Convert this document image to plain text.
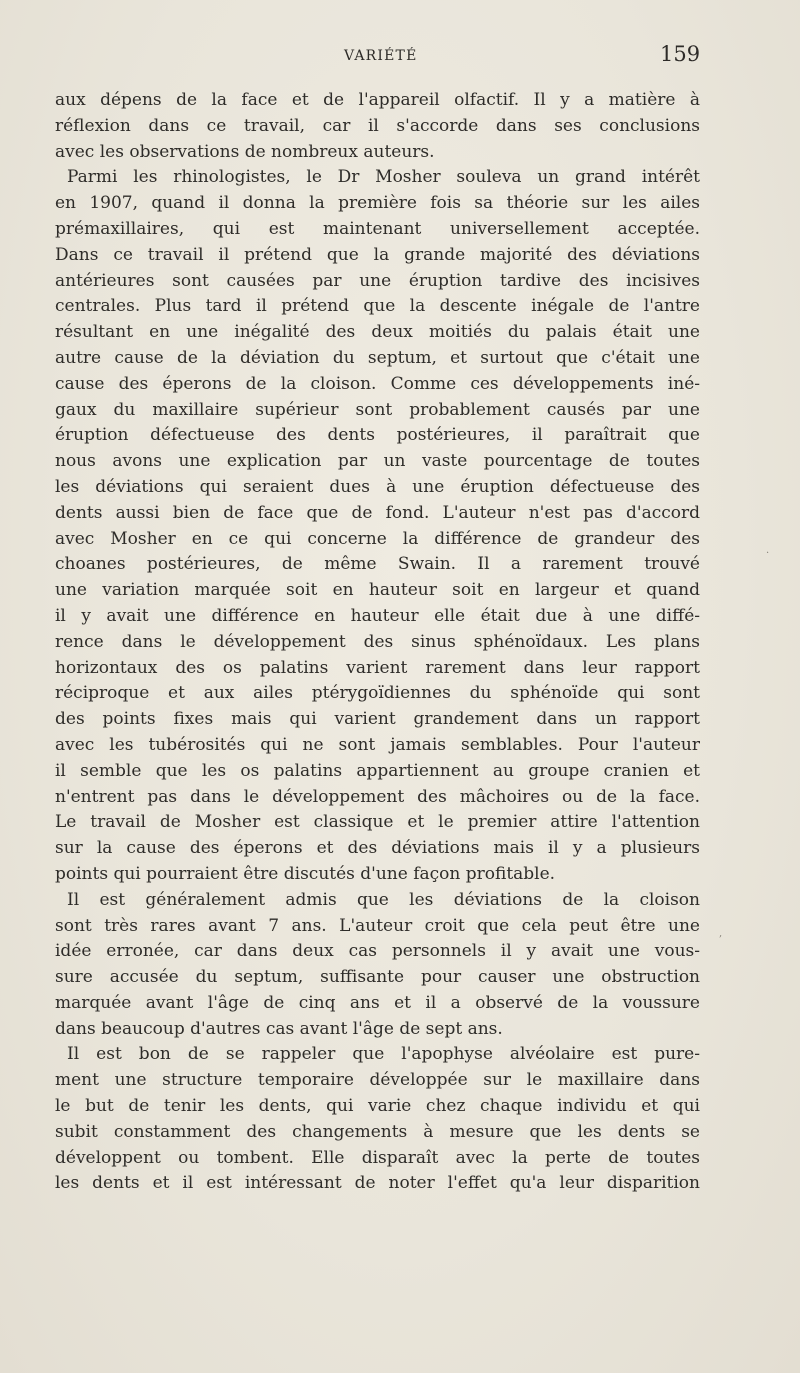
VARIÉTÉ	159
aux dépens de la face et de l'appareil olfactif. Il y a matière à
réflexion dans ce travail, car il s'accorde dans ses conclusions
avec les observations de nombreux auteurs.
Parmi les rhinologistes, le Dr Mosher souleva un grand intérêt
en 1907, quand il donna la première fois sa théorie sur les ailes
prémaxillaires, qui est maintenant universellement acceptée.
Dans ce travail il prétend que la grande majorité des déviations
antérieures sont causées par une éruption tardive des incisives
centrales. Plus tard il prétend que la descente inégale de l'antre
résultant en une inégalité des deux moitiés du palais était une
autre cause de la déviation du septum, et surtout que c'était une
cause des éperons de la cloison. Comme ces développements iné-
gaux du maxillaire supérieur sont probablement causés par une
éruption défectueuse des dents postérieures, il paraîtrait que
nous avons une explication par un vaste pourcentage de toutes
les déviations qui seraient dues à une éruption défectueuse des
dents aussi bien de face que de fond. L'auteur n'est pas d'accord
avec Mosher en ce qui concerne la différence de grandeur des
choanes postérieures, de même Swain. Il a rarement trouvé
une variation marquée soit en hauteur soit en largeur et quand
il y avait une différence en hauteur elle était due à une diffé-
rence dans le développement des sinus sphénoïdaux. Les plans
horizontaux des os palatins varient rarement dans leur rapport
réciproque et aux ailes ptérygoïdiennes du sphénoïde qui sont
des points fixes mais qui varient grandement dans un rapport
avec les tubérosités qui ne sont jamais semblables. Pour l'auteur
il semble que les os palatins appartiennent au groupe cranien et
n'entrent pas dans le développement des mâchoires ou de la face.
Le travail de Mosher est classique et le premier attire l'attention
sur la cause des éperons et des déviations mais il y a plusieurs
points qui pourraient être discutés d'une façon profitable.
Il est généralement admis que les déviations de la cloison
sont très rares avant 7 ans. L'auteur croit que cela peut être une
idée erronée, car dans deux cas personnels il y avait une vous-
sure accusée du septum, suffisante pour causer une obstruction
marquée avant l'âge de cinq ans et il a observé de la voussure
dans beaucoup d'autres cas avant l'âge de sept ans.
Il est bon de se rappeler que l'apophyse alvéolaire est pure-
ment une structure temporaire développée sur le maxillaire dans
le but de tenir les dents, qui varie chez chaque individu et qui
subit constamment des changements à mesure que les dents se
développent ou tombent. Elle disparaît avec la perte de toutes
les dents et il est intéressant de noter l'effet qu'a leur disparition
·
,
